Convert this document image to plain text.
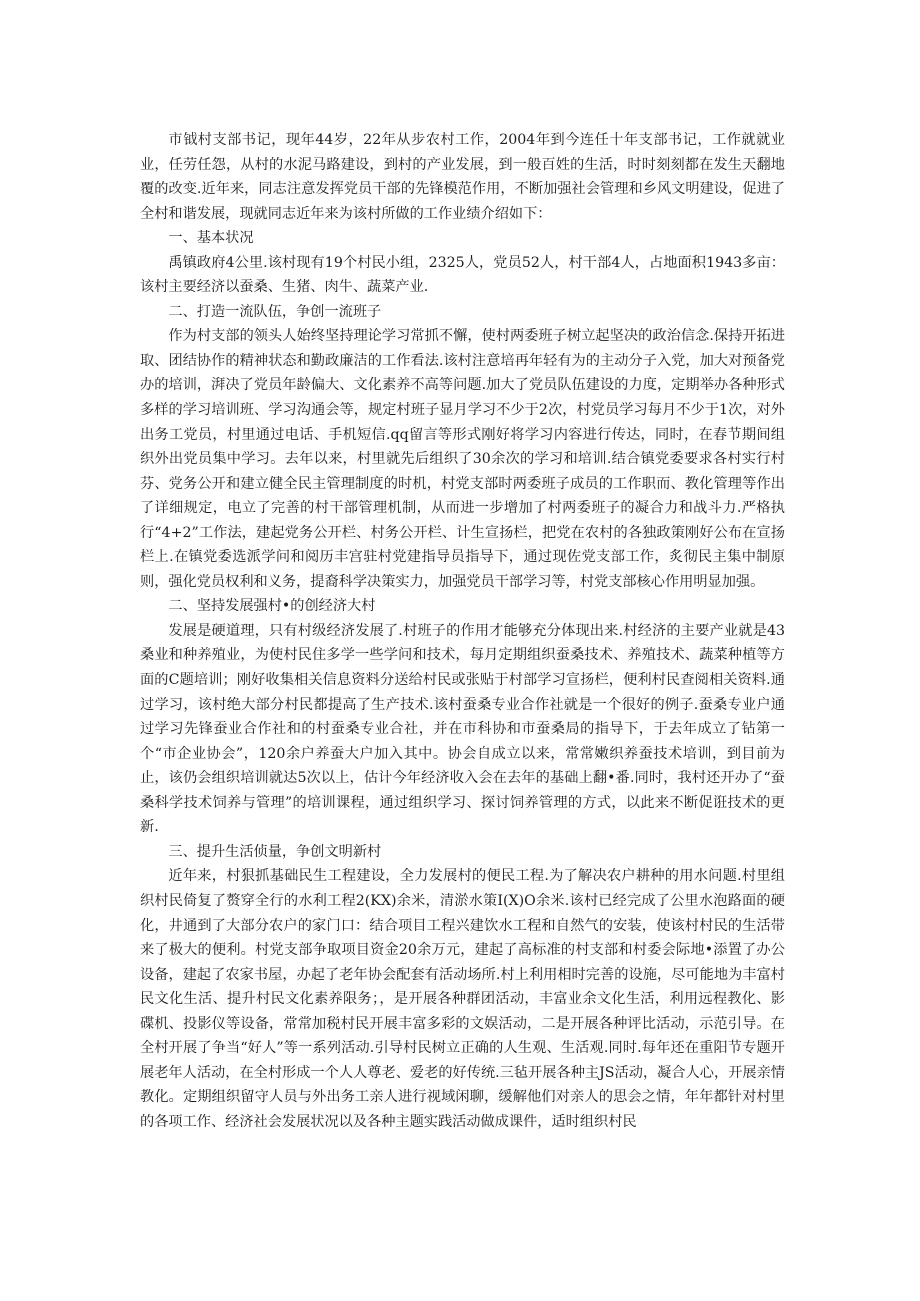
市钺村支部书记，现年44岁，22年从步农村工作，2004年到今连任十年支部书记，工作就就业业，任劳任怨，从村的水泥马路建设，到村的产业发展，到一般百姓的生活，时时刻刻都在发生天翻地覆的改变.近年来，同志注意发挥党员干部的先锋模范作用，不断加强社会管理和乡风文明建设，促进了全村和谐发展，现就同志近年来为该村所做的工作业绩介绍如下：

一、基本状况

禹镇政府4公里.该村现有19个村民小组，2325人，党员52人，村干部4人，占地面积1943多亩：该村主要经济以蚕桑、生猪、肉牛、蔬菜产业.

二、打造一流队伍，争创一流班子

作为村支部的领头人始终坚持理论学习常抓不懈，使村两委班子树立起坚决的政治信念.保持开拓进取、团结协作的精神状态和勤政廉洁的工作看法.该村注意培再年轻有为的主动分子入党，加大对预备党办的培训，湃决了党员年龄偏大、文化素养不高等问题.加大了党员队伍建设的力度，定期举办各种形式多样的学习培训班、学习沟通会等，规定村班子显月学习不少于2次，村党员学习每月不少于1次，对外出务工党员，村里通过电话、手机短信.qq留言等形式刚好将学习内容进行传达，同时，在春节期间组织外出党员集中学习。去年以来，村里就先后组织了30余次的学习和培训.结合镇党委要求各村实行村芬、党务公开和建立健全民主管理制度的时机，村党支部时两委班子成员的工作职而、教化管理等作出了详细规定，电立了完善的村干部管理机制，从而进一步增加了村两委班子的凝合力和战斗力.严格执行“4+2”工作法，建起党务公开栏、村务公开栏、计生宣扬栏，把党在农村的各独政策刚好公布在宣扬栏上.在镇党委选派学问和阅历丰宫驻村党建指导员指导下，通过现佐党支部工作，炙彻民主集中制原则，强化党员权利和义务，提裔科学决策实力，加强党员干部学习等，村党支部核心作用明显加强。

二、坚持发展强村•的创经济大村

发展是硬道理，只有村级经济发展了.村班子的作用才能够充分体现出来.村经济的主要产业就是43桑业和种养殖业，为使村民住多学一些学问和技术，每月定期组织蚕桑技术、养殖技术、蔬菜种植等方面的C题培训；刚好收集相关信息资料分送给村民或张贴于村部学习宣扬栏，便利村民查阅相关资料.通过学习，该村绝大部分村民都提高了生产技术.该村蚕桑专业合作社就是一个很好的例子.蚕桑专业户通过学习先锋蚕业合作社和的村蚕桑专业合社，并在市科协和市蚕桑局的指导下，于去年成立了钻第一个“市企业协会”，120余户养蚕大户加入其中。协会自成立以来，常常嫩织养蚕技术培训，到目前为止，该仍会组织培训就达5次以上，估计今年经济收入会在去年的基础上翻•番.同时，我村还开办了“蚕桑科学技术饲养与管理”的培训课程，通过组织学习、探讨饲养管理的方式，以此来不断促诳技术的更新.

三、提升生活侦量，争创文明新村

近年来，村狠抓基础民生工程建设，全力发展村的便民工程.为了解决农户耕种的用水问题.村里组织村民倚复了赘穿全行的水利工程2(KX)余米，清淤水策I(X)O余米.该村已经完成了公里水泡路面的硬化，井通到了大部分农户的家门口：结合项目工程兴建饮水工程和自然气的安装，使该村村民的生活带来了极大的便利。村党支部争取项目资金20余万元，建起了高标准的村支部和村委会际地•添置了办公设备，建起了农家书屋，办起了老年协会配套有活动场所.村上利用相时完善的设施，尽可能地为丰富村民文化生活、提升村民文化素养限务；，是开展各种群团活动，丰富业余文化生活，利用远程教化、影碟机、投影仪等设备，常常加税村民开展丰富多彩的文娱活动，二是开展各种评比活动，示范引导。在全村开展了争当“好人”等一系列活动.引导村民树立正确的人生观、生活观.同时.每年还在重阳节专题开展老年人活动，在全村形成一个人人尊老、爱老的好传统.三毡开展各种主JS活动，凝合人心，开展亲情教化。定期组织留守人员与外出务工亲人进行视域闲聊，缓解他们对亲人的思会之情，年年都针对村里的各项工作、经济社会发展状况以及各种主题实践活动做成课件，适时组织村民
